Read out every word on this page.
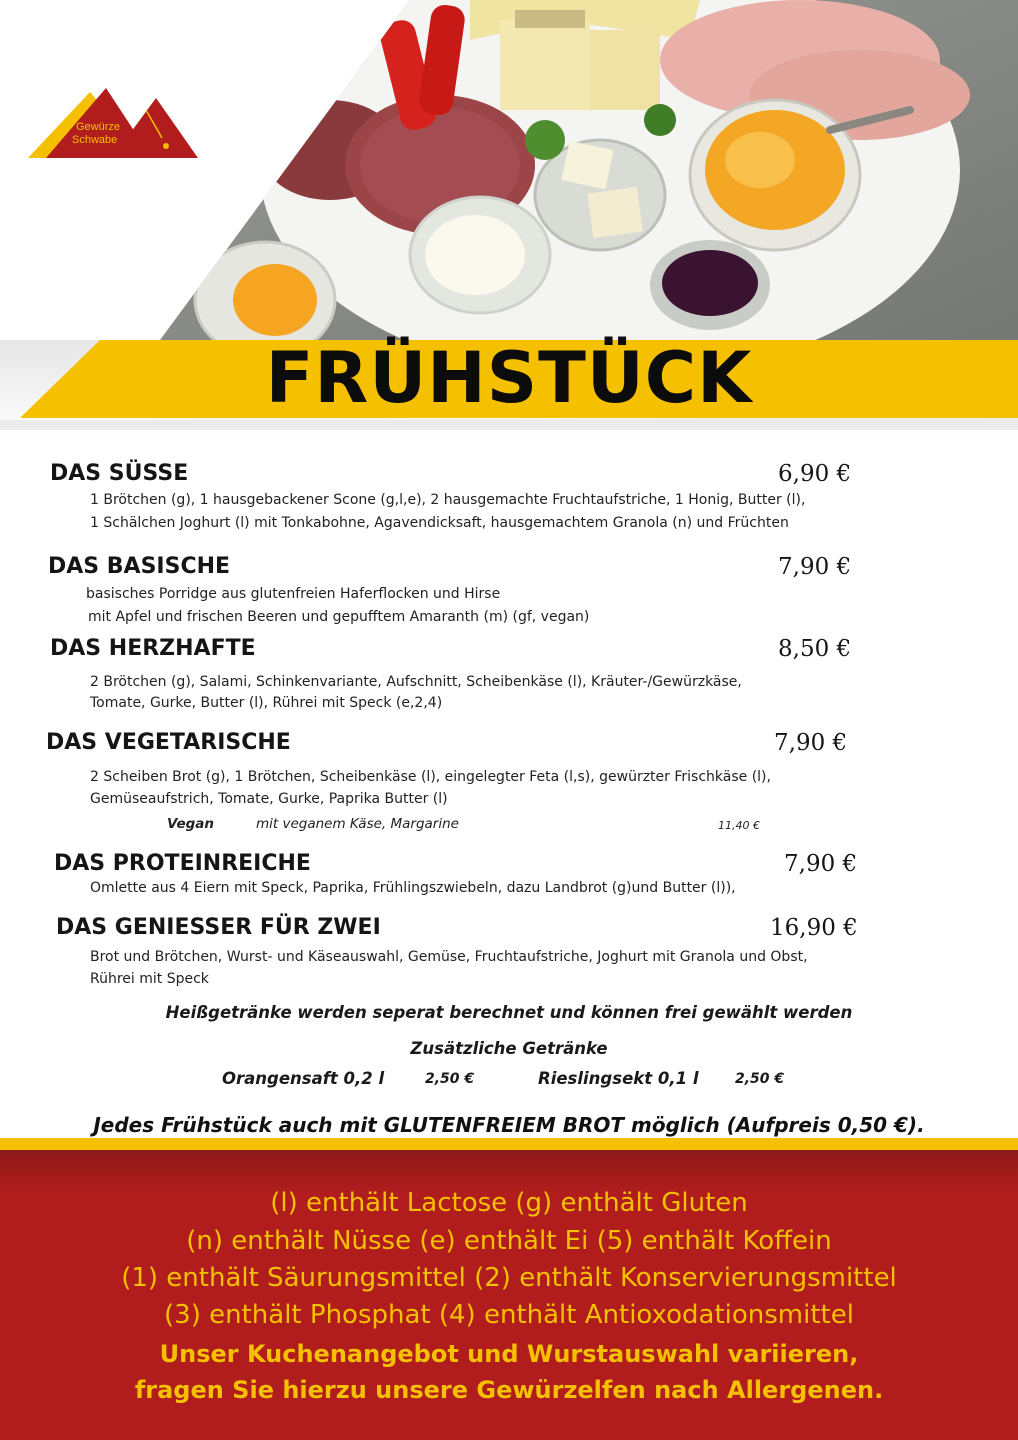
FRÜHSTÜCK
Gewürze
Schwabe
DAS SÜSSE	6,90 €
1 Brötchen (g), 1 hausgebackener Scone (g,l,e), 2 hausgemachte Fruchtaufstriche, 1 Honig, Butter (l),
1 Schälchen Joghurt (l) mit Tonkabohne, Agavendicksaft, hausgemachtem Granola (n) und Früchten
DAS BASISCHE	7,90 €
basisches Porridge aus glutenfreien Haferflocken und Hirse
mit Apfel und frischen Beeren und gepufftem Amaranth (m) (gf, vegan)
DAS HERZHAFTE	8,50 €
2 Brötchen (g), Salami, Schinkenvariante, Aufschnitt, Scheibenkäse (l), Kräuter-/Gewürzkäse,
Tomate, Gurke, Butter (l), Rührei mit Speck (e,2,4)
DAS VEGETARISCHE	7,90 €
2 Scheiben Brot (g), 1 Brötchen, Scheibenkäse (l), eingelegter Feta (l,s), gewürzter Frischkäse (l),
Gemüseaufstrich, Tomate, Gurke, Paprika Butter (l)
Vegan	mit veganem Käse, Margarine	11,40 €
DAS PROTEINREICHE	7,90 €
Omlette aus 4 Eiern mit Speck, Paprika, Frühlingszwiebeln, dazu Landbrot (g)und Butter (l)),
DAS GENIESSER FÜR ZWEI	16,90 €
Brot und Brötchen, Wurst- und Käseauswahl, Gemüse, Fruchtaufstriche, Joghurt mit Granola und Obst,
Rührei mit Speck
Heißgetränke werden seperat berechnet und können frei gewählt werden
Zusätzliche Getränke
Orangensaft 0,2 l	2,50 €	Rieslingsekt 0,1 l	2,50 €
Jedes Frühstück auch mit GLUTENFREIEM BROT möglich (Aufpreis 0,50 €).
(l) enthält Lactose (g) enthält Gluten
(n) enthält Nüsse (e) enthält Ei (5) enthält Koffein
(1) enthält Säurungsmittel (2) enthält Konservierungsmittel
(3) enthält Phosphat (4) enthält Antioxodationsmittel
Unser Kuchenangebot und Wurstauswahl variieren,
fragen Sie hierzu unsere Gewürzelfen nach Allergenen.
